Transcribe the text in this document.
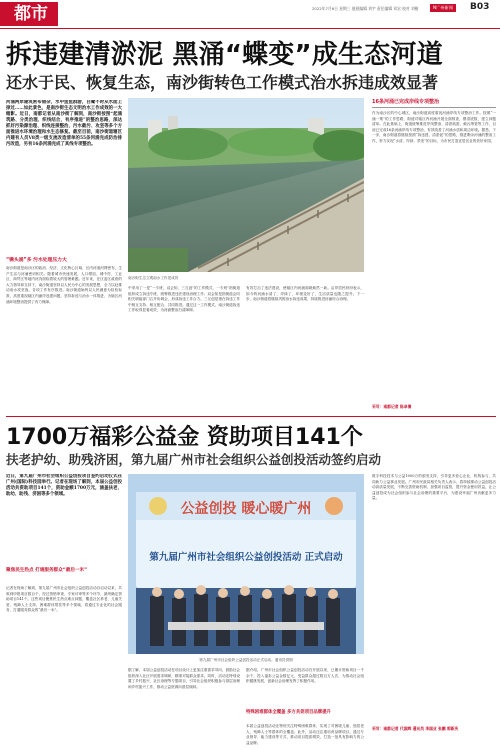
都市	2022年7月6日 星期三 值班编辑 刘宇 责任编辑 邓宏 校对 刘楷	N广州新闻	B03
拆违建清淤泥 黑涌“蝶变”成生态河道
还水于民、恢复生态，南沙街转色工作模式治水拆违成效显著
河涌两岸建筑密布错杂，水中鱼鱼群游，白鹭不时从水面上掠过……如此景色，是南沙街生态文明治水工作成效的一大缩影。近日，南都记者从南沙街了解到，南沙街按照“起涌筑路、分类治理、织线结合，有序推进”的整治思路，深达抓好污染源治理、织线连接整治，污水截污、攻坚等多个方面推进水环境治理和水生态修复。截至目前，南沙街道辖区内建有人员V8类一级支流改造清单的55条河涌完成防治排污改造，另有16条河涌完成了其线专项整治。
“镌头涌”多 污水处理压力大
南沙街道是南沙区的政治、经济、文化核心区域，区内河道河网密布，生产生活与河涌密切相关。随着城市快速发展，人口增加，城中村、工业区、商贸区等地内河沟面临着较大的管理难题。近年来，在区委区政府的大力指导和支持下，南沙街道坚持以人民为中心的发展思想，全力以赴推动治水攻坚战，各项工作有序推进。南沙街道始终以人民满意为检验标准，高度重视辖区内涌岸违建问题，坚持拆违与治水一体推进，为辖区河涌环境整治提供了有力保障。
南沙街生态立观南水工作见成效
中采用了一是“一专班、双会知、三互创”的工作模式，一专班”指街道组织成立拆违专班，统筹推进违法建设治理工作；双会知是指街道会同相关职能部门召开协调会，形成拆违工作合力。三互创是指在拆违工作中相互支持、相互配合、共同推进。通过这一工作模式，南沙街道拆违工作取得显著成效，为河涌整治扫清障碍。
有效打击了违法建设，使辖区内河涌面貌焕然一新。沿岸居民纷纷表示，如今的河涌水清了，岸绿了，环境变好了，生活质量也随之提升。下一步，南沙街道将继续巩固治水拆违成果，持续推进河涌综合治理。
16条河涌已完成岸线专项整治
作为南沙区的中心城区，南沙街道高度重视河涌岸线专项整治工作。按照“一涌一策”的工作思路，街道对辖区内河涌开展全面排查，摸清底数，建立问题清单。在此基础上，街道统筹推进岸线整治、清淤疏浚、截污纳管等工作，目前已完成16条河涌岸线专项整治，有效改善了河涌水质和周边环境。据悉，下一步，南沙街道将继续按照“拆违建、清淤泥”的思路，推进剩余河涌的整治工作，努力实现“水清、岸绿、景美”的目标，为市民打造宜居宜业的美好家园。
采写：南都记者 陈卓倩
1700万福彩公益金 资助项目141个
扶老护幼、助残济困，第九届广州市社会组织公益创投活动签约启动
近日，第九届广州市社会组织公益创投项目签约启动仪式在广州(国际)科技园举行。记者在现场了解到，本届公益创投活动共资助项目141个，资助金额1700万元，涵盖扶老、助幼、助残、济困等多个领域。
聚焦民生热点 打通服务群众“最后一米”
记者在现场了解到，第九届广州市社会组织公益创投活动自启动以来，共收到申报项目数百个，经过资格审查、专家评审等多个环节，最终确定资助项目141个。这些项目聚焦民生热点难点问题，覆盖社区养老、儿童关爱、残障人士支持、困难群体帮扶等多个领域，将通过专业化的社会服务，打通服务群众的“最后一米”。
公益创投 暖心暖广州
第九届广州市社会组织公益创投活动 正式启动
第九届广州市社会组织公益创投活动正式启动。通讯员供图
据了解，本届公益创投活动在项目设计上更加注重需求导向，鼓励社会组织深入社区开展需求调研，精准对接群众需求。同时，活动还特别设置了乡村振兴、社区治理等专题项目，引导社会组织积极参与基层治理和乡村振兴工作，推动公益资源向基层倾斜。
据介绍，广州市社会组织公益创投活动自开展以来，已累计资助项目一千余个，投入福彩公益金数亿元，受益群众超过数百万人次，为推动社会组织健康发展、创新社会治理发挥了积极作用。
特殊困难群体全覆盖 多方共促项目品牌提升
本届公益创投活动还特别关注特殊困难群体，实现了对困境儿童、独居老人、残障人士等群体的全覆盖。此外，活动还注重培育品牌项目，通过专业督导、能力建设等方式，推动项目提质增效，打造一批具有影响力的公益品牌。
数字科技技术与公益1000万的颁发支持，引导更多爱心企业、机构参与，共同助力公益事业发展。广州市民政局相关负责人表示，将持续推动公益创投活动高质量发展，不断完善资助机制，加强项目监管，提升资金使用效益，让公益创投成为社会组织参与社会治理的重要平台，为建设幸福广州贡献更多力量。
采写：南都记者 代国辉 通讯员 李国业 张鹏 郭新庆
